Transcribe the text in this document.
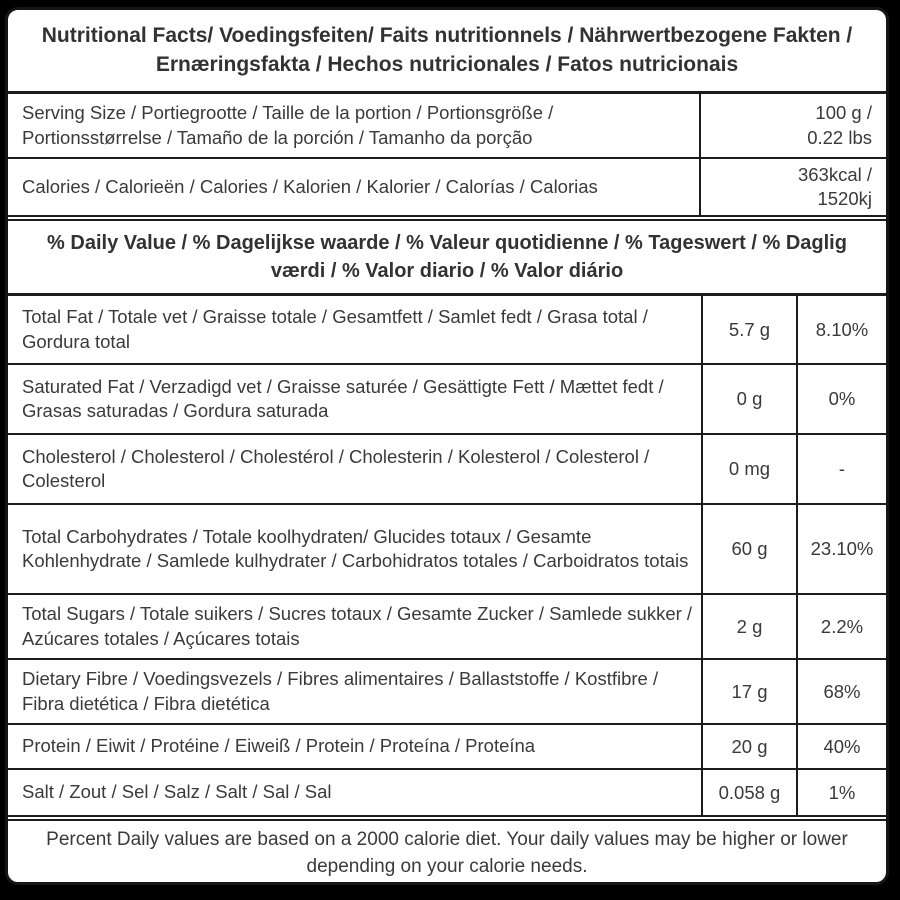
Nutritional Facts/ Voedingsfeiten/ Faits nutritionnels / Nährwertbezogene Fakten / Ernæringsfakta / Hechos nutricionales / Fatos nutricionais
Serving Size / Portiegrootte / Taille de la portion / Portionsgröße / Portionsstørrelse / Tamaño de la porción / Tamanho da porção
100 g /
0.22 lbs
Calories / Calorieën / Calories / Kalorien / Kalorier / Calorías / Calorias
363kcal /
1520kj
% Daily Value / % Dagelijkse waarde / % Valeur quotidienne / % Tageswert / % Daglig værdi / % Valor diario / % Valor diário
Total Fat / Totale vet / Graisse totale / Gesamtfett / Samlet fedt / Grasa total / Gordura total
5.7 g	8.10%
Saturated Fat / Verzadigd vet / Graisse saturée / Gesättigte Fett / Mættet fedt / Grasas saturadas / Gordura saturada
0 g	0%
Cholesterol / Cholesterol / Cholestérol / Cholesterin / Kolesterol / Colesterol / Colesterol
0 mg	-
Total Carbohydrates / Totale koolhydraten/ Glucides totaux / Gesamte Kohlenhydrate / Samlede kulhydrater / Carbohidratos totales / Carboidratos totais
60 g	23.10%
Total Sugars / Totale suikers / Sucres totaux / Gesamte Zucker / Samlede sukker / Azúcares totales / Açúcares totais
2 g	2.2%
Dietary Fibre / Voedingsvezels / Fibres alimentaires / Ballaststoffe / Kostfibre / Fibra dietética / Fibra dietética
17 g	68%
Protein / Eiwit / Protéine / Eiweiß / Protein / Proteína / Proteína	20 g	40%
Salt / Zout / Sel / Salz / Salt / Sal / Sal	0.058 g	1%
Percent Daily values are based on a 2000 calorie diet. Your daily values may be higher or lower depending on your calorie needs.
